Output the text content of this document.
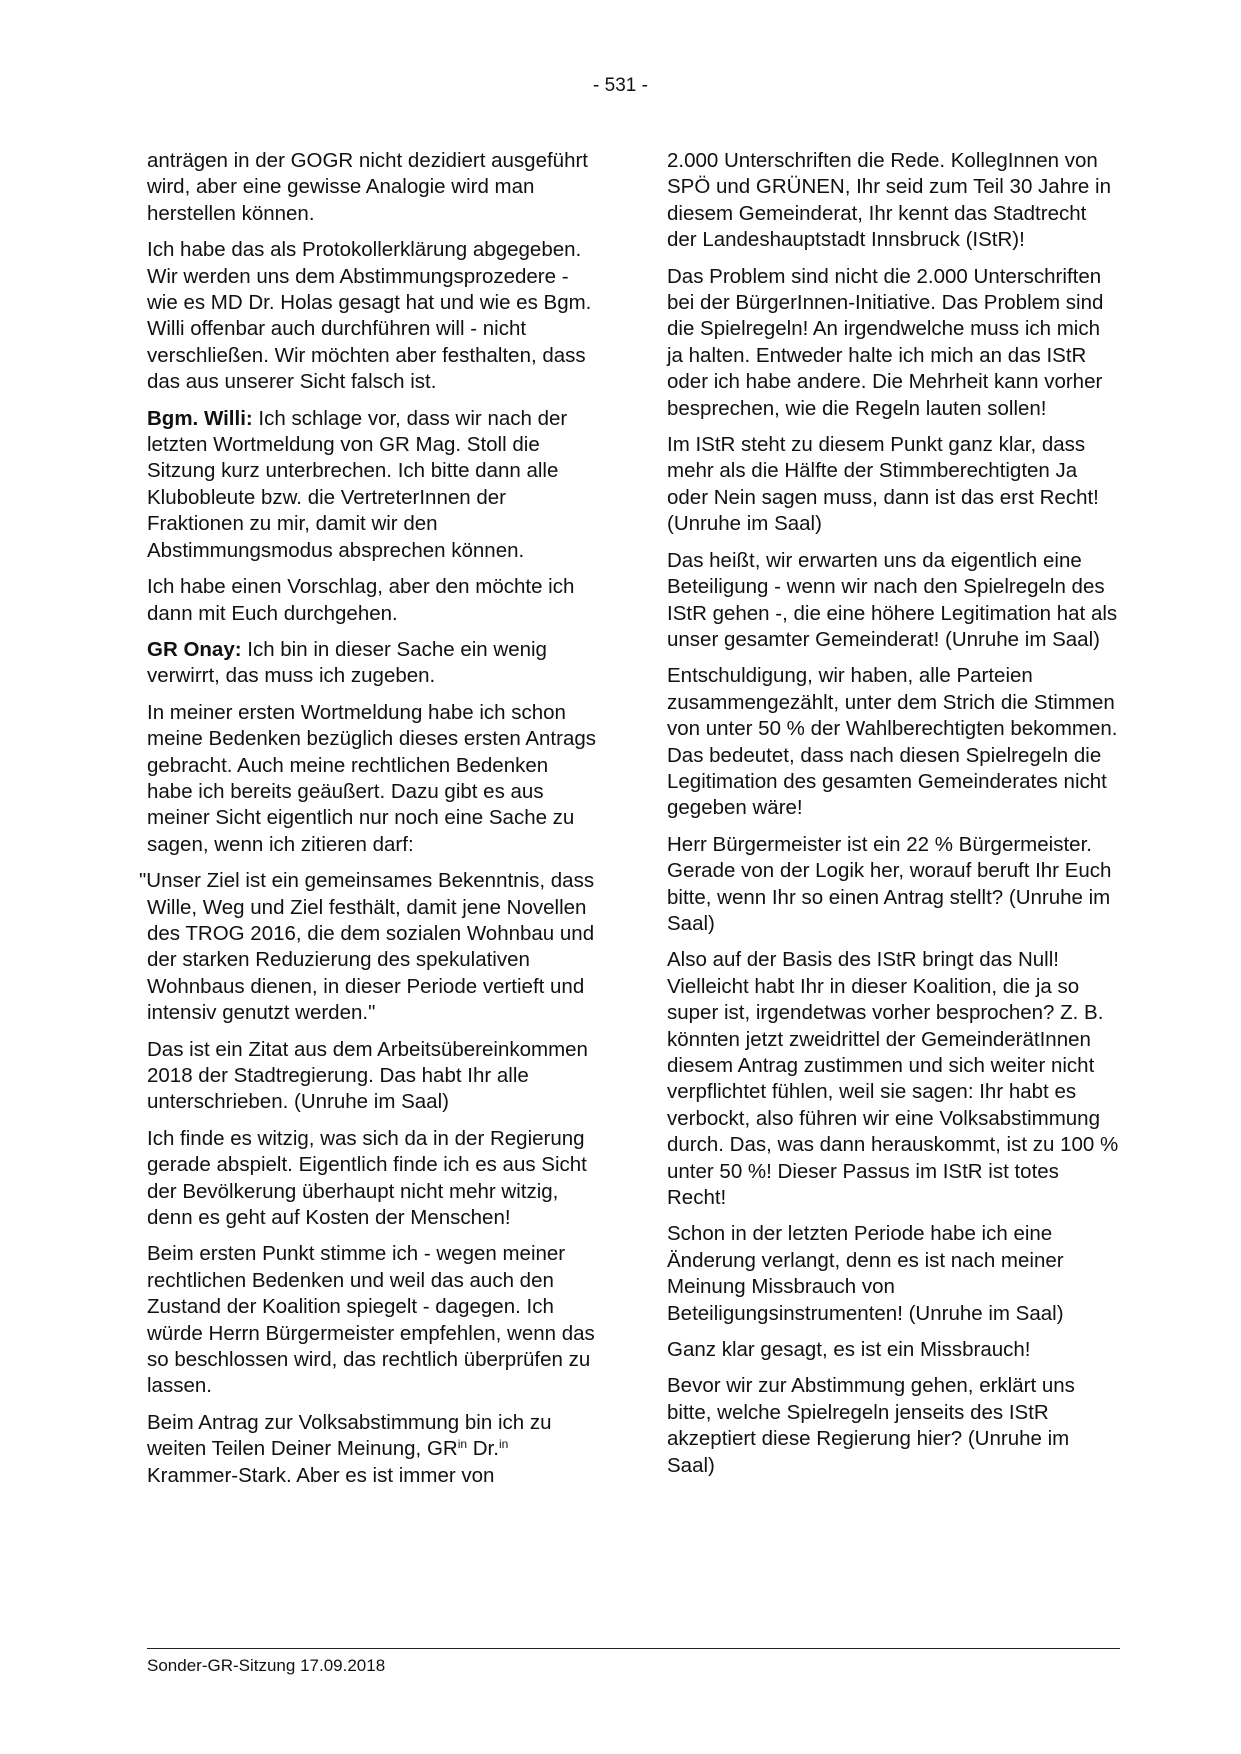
- 531 -

anträgen in der GOGR nicht dezidiert ausgeführt wird, aber eine gewisse Analogie wird man herstellen können.

Ich habe das als Protokollerklärung abgegeben. Wir werden uns dem Abstimmungsprozedere - wie es MD Dr. Holas gesagt hat und wie es Bgm. Willi offenbar auch durchführen will - nicht verschließen. Wir möchten aber festhalten, dass das aus unserer Sicht falsch ist.

Bgm. Willi: Ich schlage vor, dass wir nach der letzten Wortmeldung von GR Mag. Stoll die Sitzung kurz unterbrechen. Ich bitte dann alle Klubobleute bzw. die VertreterInnen der Fraktionen zu mir, damit wir den Abstimmungsmodus absprechen können.

Ich habe einen Vorschlag, aber den möchte ich dann mit Euch durchgehen.

GR Onay: Ich bin in dieser Sache ein wenig verwirrt, das muss ich zugeben.

In meiner ersten Wortmeldung habe ich schon meine Bedenken bezüglich dieses ersten Antrags gebracht. Auch meine rechtlichen Bedenken habe ich bereits geäußert. Dazu gibt es aus meiner Sicht eigentlich nur noch eine Sache zu sagen, wenn ich zitieren darf:

"Unser Ziel ist ein gemeinsames Bekenntnis, dass Wille, Weg und Ziel festhält, damit jene Novellen des TROG 2016, die dem sozialen Wohnbau und der starken Reduzierung des spekulativen Wohnbaus dienen, in dieser Periode vertieft und intensiv genutzt werden."

Das ist ein Zitat aus dem Arbeitsübereinkommen 2018 der Stadtregierung. Das habt Ihr alle unterschrieben. (Unruhe im Saal)

Ich finde es witzig, was sich da in der Regierung gerade abspielt. Eigentlich finde ich es aus Sicht der Bevölkerung überhaupt nicht mehr witzig, denn es geht auf Kosten der Menschen!

Beim ersten Punkt stimme ich - wegen meiner rechtlichen Bedenken und weil das auch den Zustand der Koalition spiegelt - dagegen. Ich würde Herrn Bürgermeister empfehlen, wenn das so beschlossen wird, das rechtlich überprüfen zu lassen.

Beim Antrag zur Volksabstimmung bin ich zu weiten Teilen Deiner Meinung, $GR^{in}$ Dr.$^{in}$ Krammer-Stark. Aber es ist immer von

2.000 Unterschriften die Rede. KollegInnen von SPÖ und GRÜNEN, Ihr seid zum Teil 30 Jahre in diesem Gemeinderat, Ihr kennt das Stadtrecht der Landeshauptstadt Innsbruck (IStR)!

Das Problem sind nicht die 2.000 Unterschriften bei der BürgerInnen-Initiative. Das Problem sind die Spielregeln! An irgendwelche muss ich mich ja halten. Entweder halte ich mich an das IStR oder ich habe andere. Die Mehrheit kann vorher besprechen, wie die Regeln lauten sollen!

Im IStR steht zu diesem Punkt ganz klar, dass mehr als die Hälfte der Stimmberechtigten Ja oder Nein sagen muss, dann ist das erst Recht! (Unruhe im Saal)

Das heißt, wir erwarten uns da eigentlich eine Beteiligung - wenn wir nach den Spielregeln des IStR gehen -, die eine höhere Legitimation hat als unser gesamter Gemeinderat! (Unruhe im Saal)

Entschuldigung, wir haben, alle Parteien zusammengezählt, unter dem Strich die Stimmen von unter 50 % der Wahlberechtigten bekommen. Das bedeutet, dass nach diesen Spielregeln die Legitimation des gesamten Gemeinderates nicht gegeben wäre!

Herr Bürgermeister ist ein 22 % Bürgermeister. Gerade von der Logik her, worauf beruft Ihr Euch bitte, wenn Ihr so einen Antrag stellt? (Unruhe im Saal)

Also auf der Basis des IStR bringt das Null! Vielleicht habt Ihr in dieser Koalition, die ja so super ist, irgendetwas vorher besprochen? Z. B. könnten jetzt zweidrittel der GemeinderätInnen diesem Antrag zustimmen und sich weiter nicht verpflichtet fühlen, weil sie sagen: Ihr habt es verbockt, also führen wir eine Volksabstimmung durch. Das, was dann herauskommt, ist zu 100 % unter 50 %! Dieser Passus im IStR ist totes Recht!

Schon in der letzten Periode habe ich eine Änderung verlangt, denn es ist nach meiner Meinung Missbrauch von Beteiligungsinstrumenten! (Unruhe im Saal)

Ganz klar gesagt, es ist ein Missbrauch!

Bevor wir zur Abstimmung gehen, erklärt uns bitte, welche Spielregeln jenseits des IStR akzeptiert diese Regierung hier? (Unruhe im Saal)

Sonder-GR-Sitzung 17.09.2018
